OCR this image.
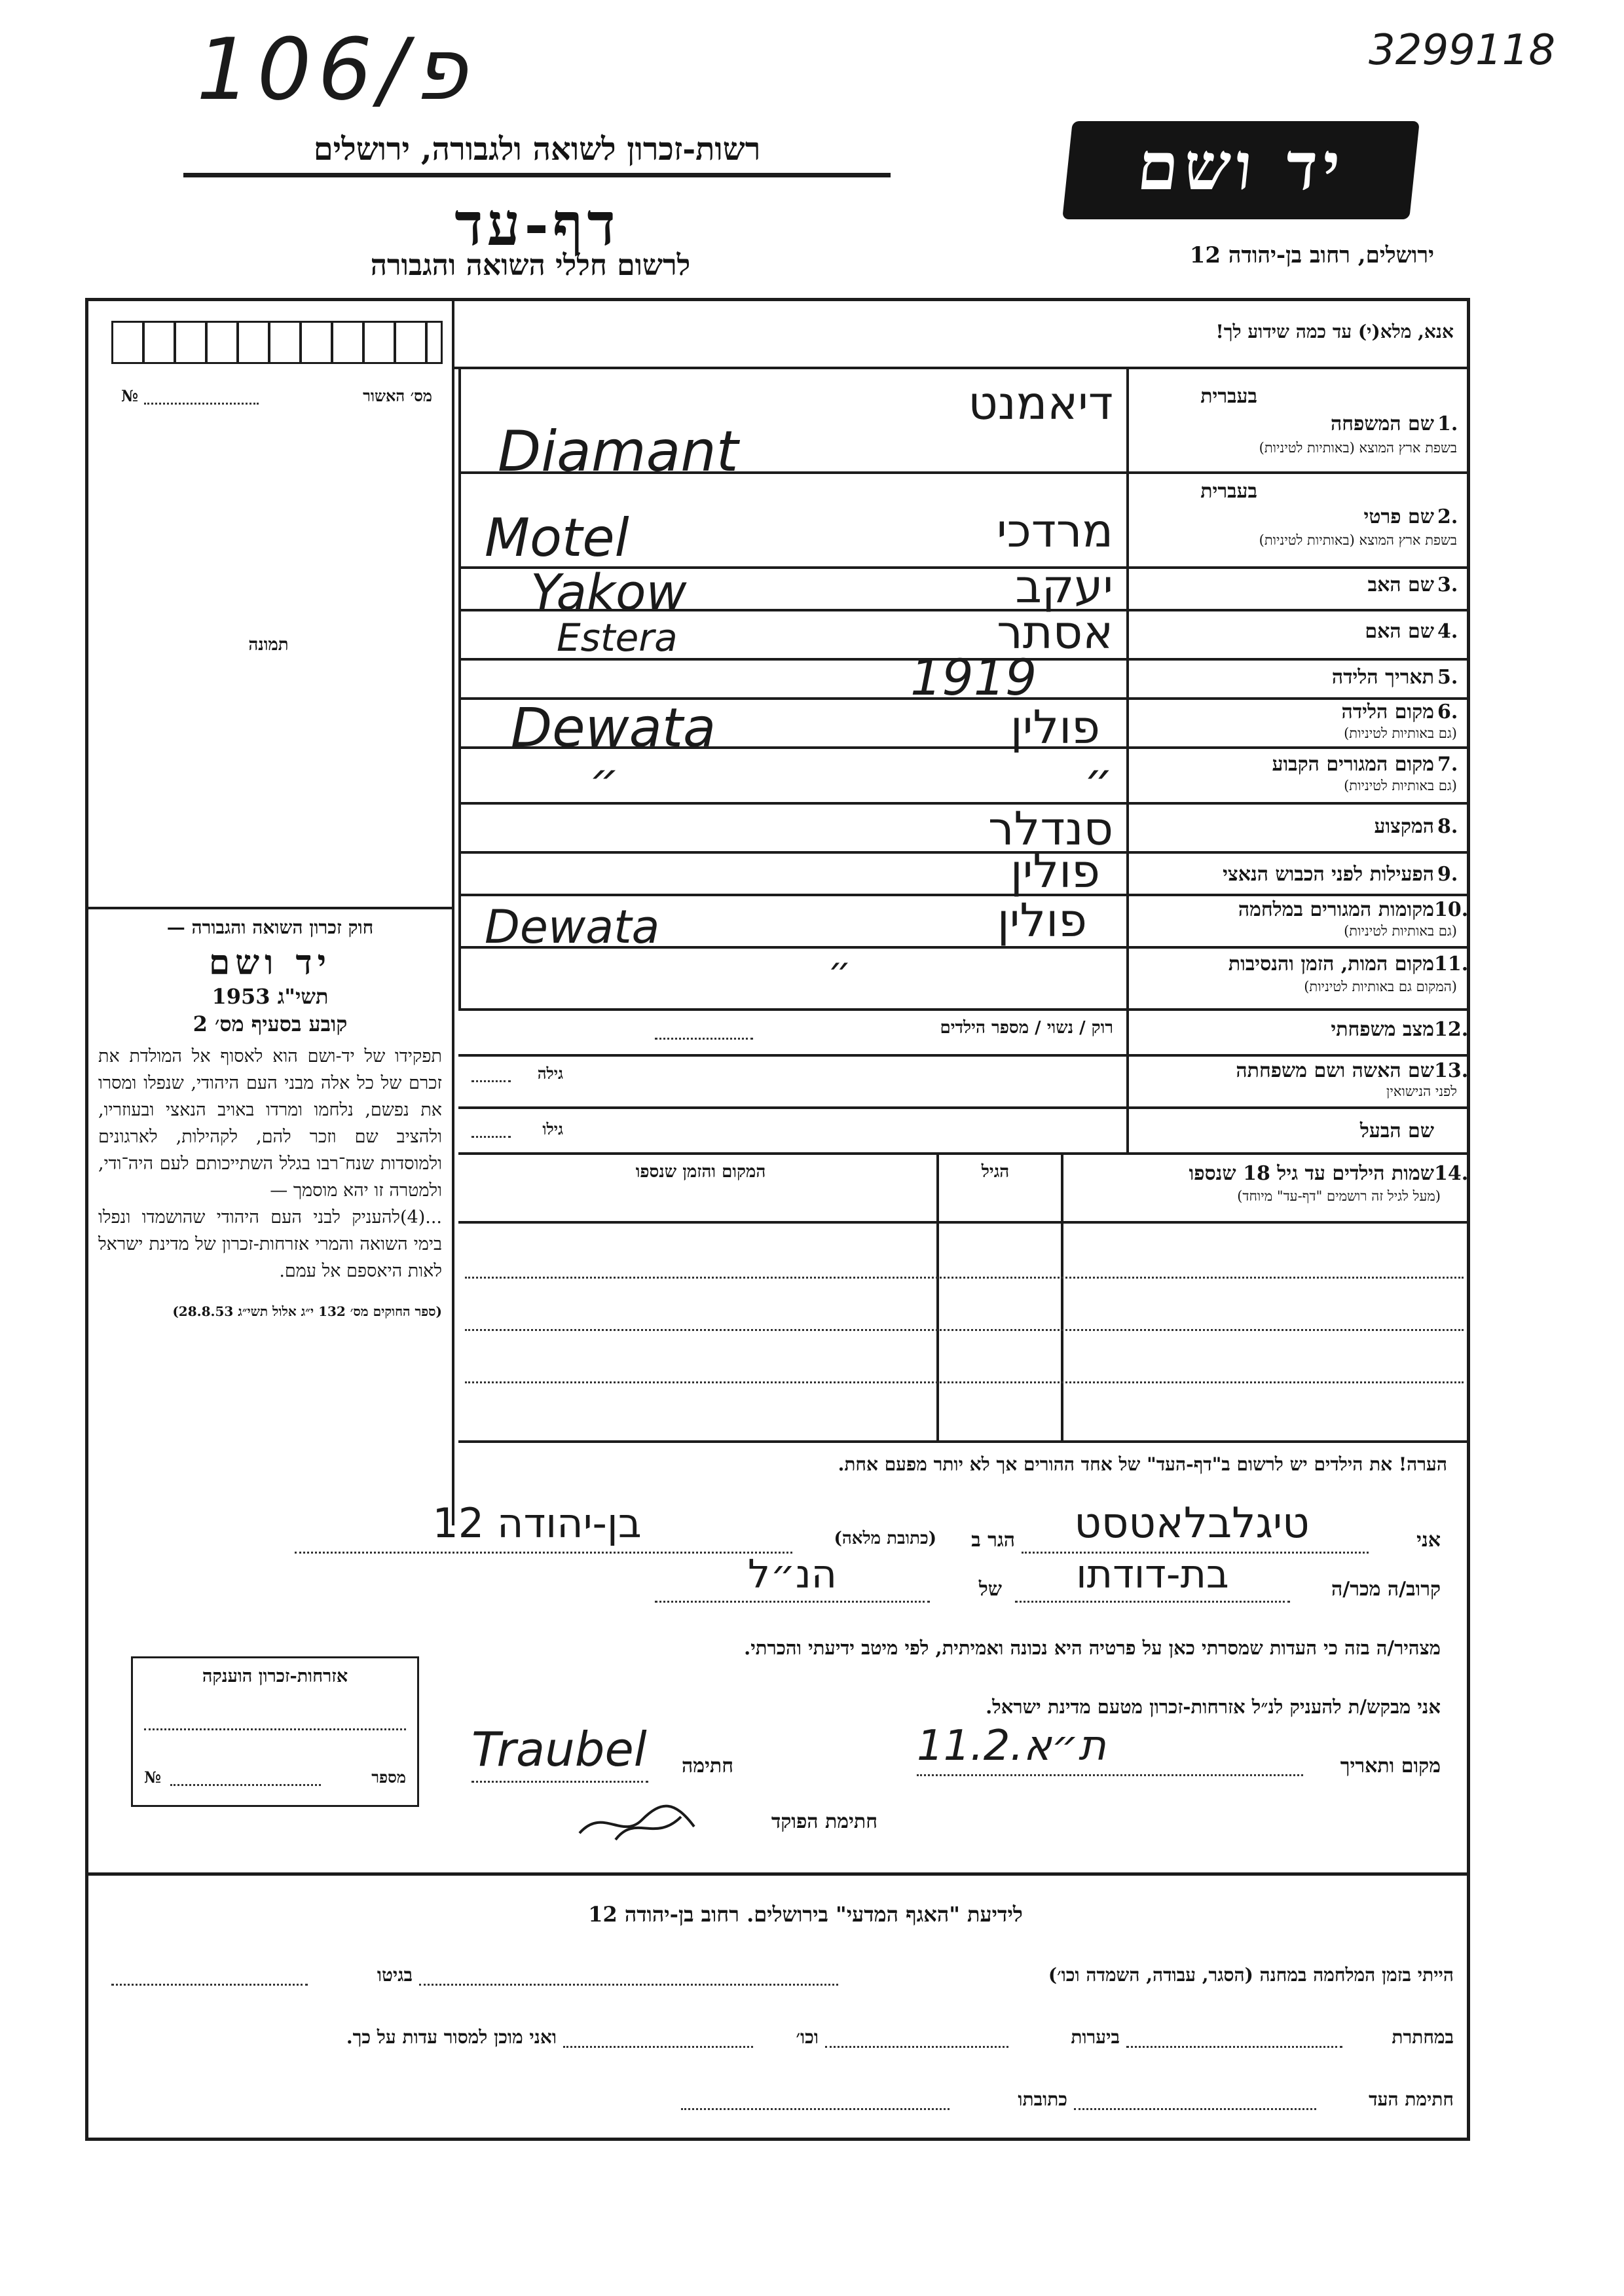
106/פ	3299118
רשות-זכרון לשואה ולגבורה, ירושלים
דף-עד
לרשום חללי השואה והגבורה
יד ושם
ירושלים, רחוב בן-יהודה 12
אנא, מלא(י) עד כמה שידוע לך!
מס׳ האשור
№
תמונה
חוק זכרון השואה והגבורה —
יד ושם
תשי"ג 1953
קובע בסעיף מס׳ 2
תפקידו של יד-ושם הוא לאסוף אל המולדת את זכרם של כל אלה מבני העם היהודי, שנפלו ומסרו את נפשם, נלחמו ומרדו באויב הנאצי ובעוזריו, ולהציב שם וזכר להם, לקהילות, לארגונים ולמוסדות שנח־רבו בגלל השתייכותם לעם היה־ודי, ולמטרה זו יהא מוסמך —
...(4)להעניק לבני העם היהודי שהושמדו ונפלו בימי השואה והמרי אזרחות-זכרון של מדינת ישראל לאות היאספם אל עמם.
(ספר החוקים מס׳ 132 י״ג אלול תשי״ג 28.8.53)
בעברית
שם המשפחה 1.
בשפת ארץ המוצא (באותיות לטיניות)
דיאמנט
Diamant
בעברית
שם פרטי 2.
בשפת ארץ המוצא (באותיות לטיניות)
מרדכי
Motel
שם האב 3.
יעקב
Yakow
שם האם 4.
אסתר
Estera
תאריך הלידה 5.
1919
מקום הלידה 6.
(גם באותיות לטיניות)
פולין
Dewata
מקום המגורים הקבוע 7.
(גם באותיות לטיניות)
״
״
המקצוע 8.
סנדלר
הפעילות לפני הכבוש הנאצי 9.
פולין
מקומות המגורים במלחמה 10.
(גם באותיות לטיניות)
פולין
Dewata
מקום המות, הזמן והנסיבות 11.
(המקום גם באותיות לטיניות)
״
מצב משפחתי 12.
רוק / נשוי / מספר הילדים
שם האשה ושם משפחתה 13.
לפני הנישואין
גילה
שם הבעל
גילו
שמות הילדים עד גיל 18 שנספו 14.
(מעל לגיל זה רושמים "דף-עד" מיוחד)
הגיל
המקום והזמן שנספו
הערה! את הילדים יש לרשום ב"דף-העד" של אחד ההורים אך לא יותר מפעם אחת.
אני
טיגלבלאטסט
הגר ב
(כתובת מלאה)
בן-יהודה 12
קרוב/ה מכר/ה
בת-דודתו
של
הנ״ל
מצהיר/ה בזה כי העדות שמסרתי כאן על פרטיה היא נכונה ואמיתית, לפי מיטב ידיעתי והכרתי.
אני מבקש/ת להעניק לנ״ל אזרחות-זכרון מטעם מדינת ישראל.
מקום ותאריך
11.2.ת״א
חתימה
Traubel
חתימת הפוקד
אזרחות-זכרון הוענקה
מספר
№
לידיעת "האגף המדעי" בירושלים. רחוב בן-יהודה 12
הייתי בזמן המלחמה במחנה (הסגר, עבודה, השמדה וכו׳)
בגיטו
במחתרת
ביערות
וכו׳
ואני מוכן למסור עדות על כך.
חתימת העד
כתובתו
